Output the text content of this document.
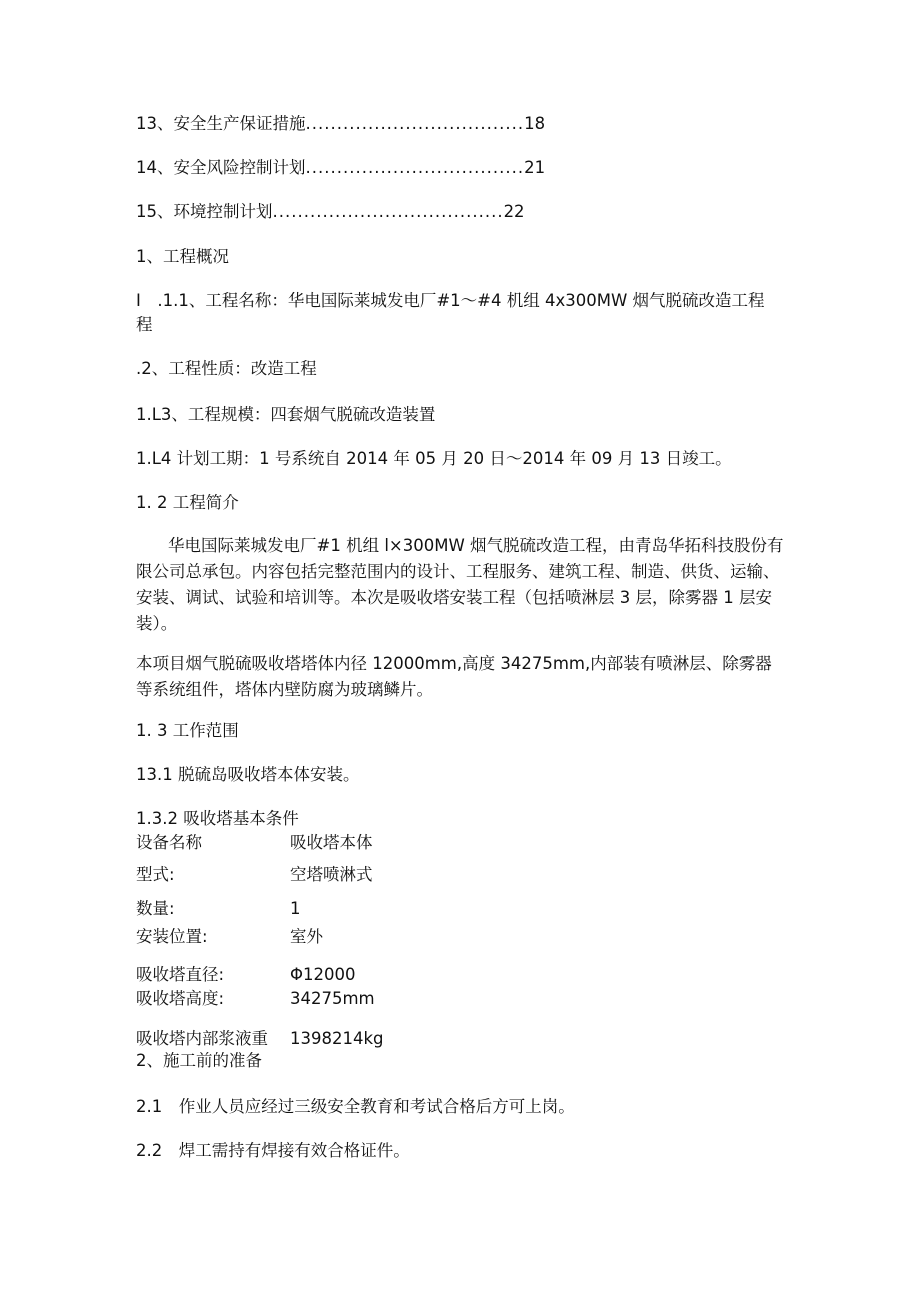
13、安全生产保证措施...................................18
14、安全风险控制计划...................................21
15、环境控制计划.....................................22
1、工程概况
I　.1.1、工程名称：华电国际莱城发电厂#1～#4 机组 4x300MW 烟气脱硫改造工程
程
.2、工程性质：改造工程
1.L3、工程规模：四套烟气脱硫改造装置
1.L4 计划工期：1 号系统自 2014 年 05 月 20 日～2014 年 09 月 13 日竣工。
1. 2 工程简介
华电国际莱城发电厂#1 机组 l×300MW 烟气脱硫改造工程，由青岛华拓科技股份有限公司总承包。内容包括完整范围内的设计、工程服务、建筑工程、制造、供货、运输、安装、调试、试验和培训等。本次是吸收塔安装工程（包括喷淋层 3 层，除雾器 1 层安装）。
本项目烟气脱硫吸收塔塔体内径 12000mm,高度 34275mm,内部装有喷淋层、除雾器等系统组件，塔体内壁防腐为玻璃鳞片。
1. 3 工作范围
13.1 脱硫岛吸收塔本体安装。
1.3.2 吸收塔基本条件
设备名称	吸收塔本体
型式:	空塔喷淋式
数量:	1
安装位置:	室外
吸收塔直径:	Φ12000
吸收塔高度:	34275mm
吸收塔内部浆液重 1398214kg
2、施工前的准备
2.1　作业人员应经过三级安全教育和考试合格后方可上岗。
2.2　焊工需持有焊接有效合格证件。
